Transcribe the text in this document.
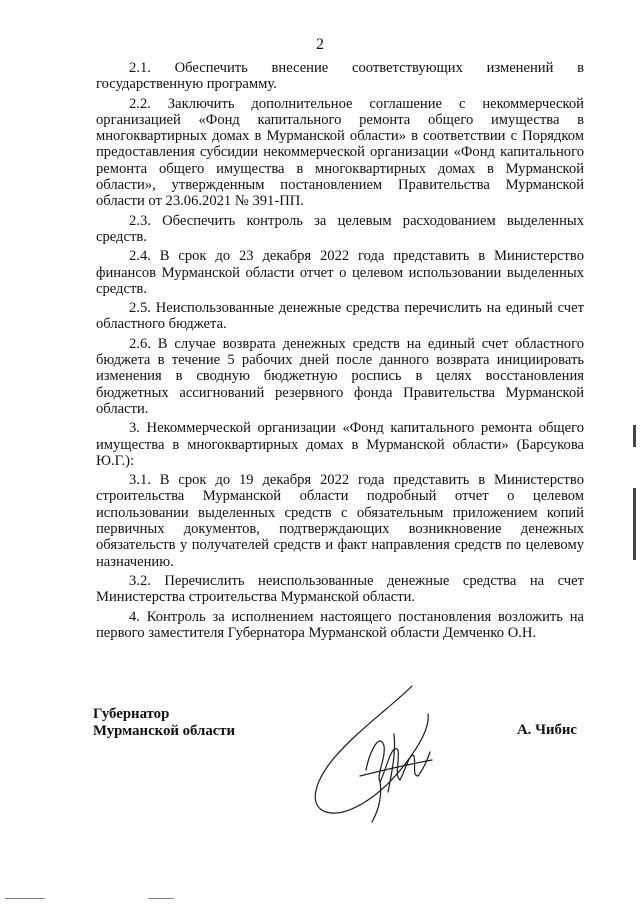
2

2.1. Обеспечить внесение соответствующих изменений в государственную программу.

2.2. Заключить дополнительное соглашение с некоммерческой организацией «Фонд капитального ремонта общего имущества в многоквартирных домах в Мурманской области» в соответствии с Порядком предоставления субсидии некоммерческой организации «Фонд капитального ремонта общего имущества в многоквартирных домах в Мурманской области», утвержденным постановлением Правительства Мурманской области от 23.06.2021 № 391-ПП.

2.3. Обеспечить контроль за целевым расходованием выделенных средств.

2.4. В срок до 23 декабря 2022 года представить в Министерство финансов Мурманской области отчет о целевом использовании выделенных средств.

2.5. Неиспользованные денежные средства перечислить на единый счет областного бюджета.

2.6. В случае возврата денежных средств на единый счет областного бюджета в течение 5 рабочих дней после данного возврата инициировать изменения в сводную бюджетную роспись в целях восстановления бюджетных ассигнований резервного фонда Правительства Мурманской области.

3. Некоммерческой организации «Фонд капитального ремонта общего имущества в многоквартирных домах в Мурманской области» (Барсукова Ю.Г.):

3.1. В срок до 19 декабря 2022 года представить в Министерство строительства Мурманской области подробный отчет о целевом использовании выделенных средств с обязательным приложением копий первичных документов, подтверждающих возникновение денежных обязательств у получателей средств и факт направления средств по целевому назначению.

3.2. Перечислить неиспользованные денежные средства на счет Министерства строительства Мурманской области.

4. Контроль за исполнением настоящего постановления возложить на первого заместителя Губернатора Мурманской области Демченко О.Н.

Губернатор
Мурманской области	А. Чибис
